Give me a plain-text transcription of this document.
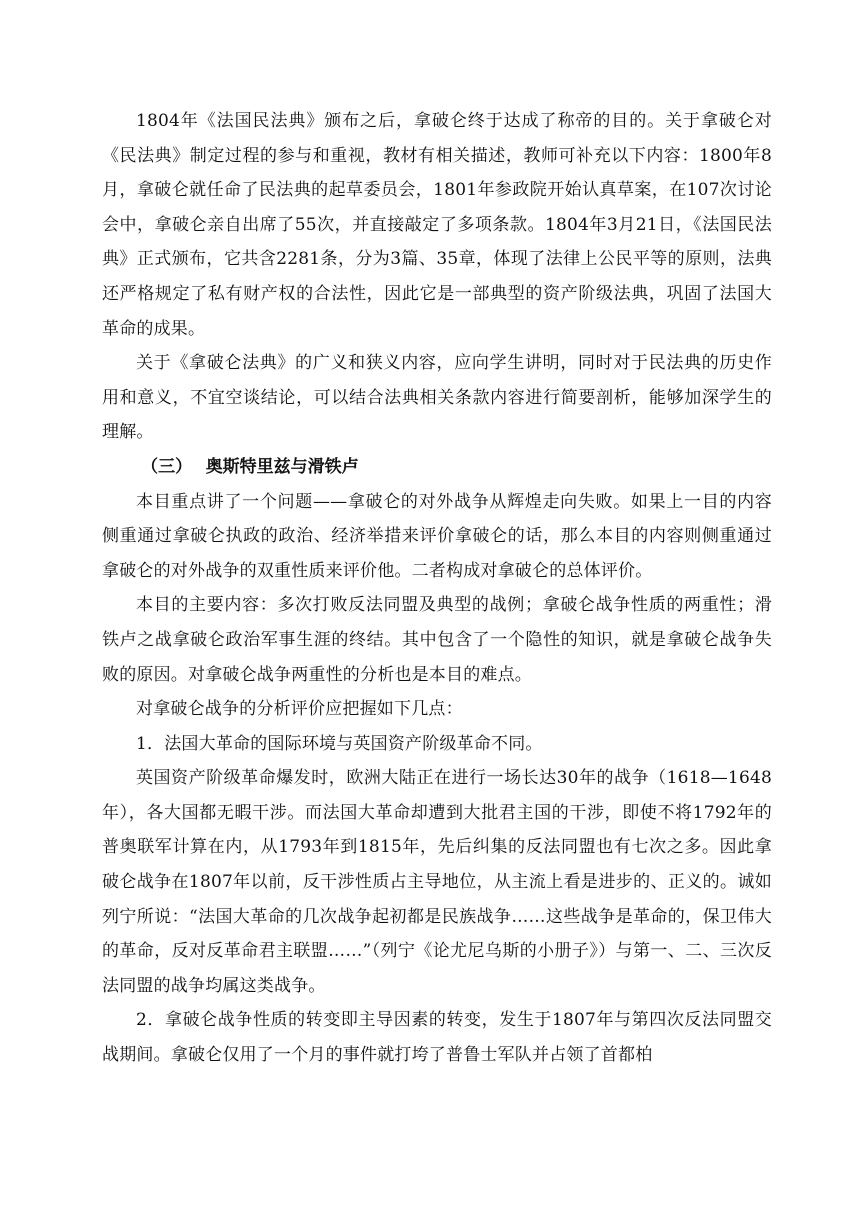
1804年《法国民法典》颁布之后，拿破仑终于达成了称帝的目的。关于拿破仑对《民法典》制定过程的参与和重视，教材有相关描述，教师可补充以下内容：1800年8月，拿破仑就任命了民法典的起草委员会，1801年参政院开始认真草案，在107次讨论会中，拿破仑亲自出席了55次，并直接敲定了多项条款。1804年3月21日，《法国民法典》正式颁布，它共含2281条，分为3篇、35章，体现了法律上公民平等的原则，法典还严格规定了私有财产权的合法性，因此它是一部典型的资产阶级法典，巩固了法国大革命的成果。

关于《拿破仑法典》的广义和狭义内容，应向学生讲明，同时对于民法典的历史作用和意义，不宜空谈结论，可以结合法典相关条款内容进行简要剖析，能够加深学生的理解。

（三） 奥斯特里兹与滑铁卢

本目重点讲了一个问题——拿破仑的对外战争从辉煌走向失败。如果上一目的内容侧重通过拿破仑执政的政治、经济举措来评价拿破仑的话，那么本目的内容则侧重通过拿破仑的对外战争的双重性质来评价他。二者构成对拿破仑的总体评价。

本目的主要内容：多次打败反法同盟及典型的战例；拿破仑战争性质的两重性；滑铁卢之战拿破仑政治军事生涯的终结。其中包含了一个隐性的知识，就是拿破仑战争失败的原因。对拿破仑战争两重性的分析也是本目的难点。

对拿破仑战争的分析评价应把握如下几点：

1．法国大革命的国际环境与英国资产阶级革命不同。

英国资产阶级革命爆发时，欧洲大陆正在进行一场长达30年的战争（1618—1648年），各大国都无暇干涉。而法国大革命却遭到大批君主国的干涉，即使不将1792年的普奥联军计算在内，从1793年到1815年，先后纠集的反法同盟也有七次之多。因此拿破仑战争在1807年以前，反干涉性质占主导地位，从主流上看是进步的、正义的。诚如列宁所说：“法国大革命的几次战争起初都是民族战争……这些战争是革命的，保卫伟大的革命，反对反革命君主联盟……”（列宁《论尤尼乌斯的小册子》）与第一、二、三次反法同盟的战争均属这类战争。

2．拿破仑战争性质的转变即主导因素的转变，发生于1807年与第四次反法同盟交战期间。拿破仑仅用了一个月的事件就打垮了普鲁士军队并占领了首都柏
